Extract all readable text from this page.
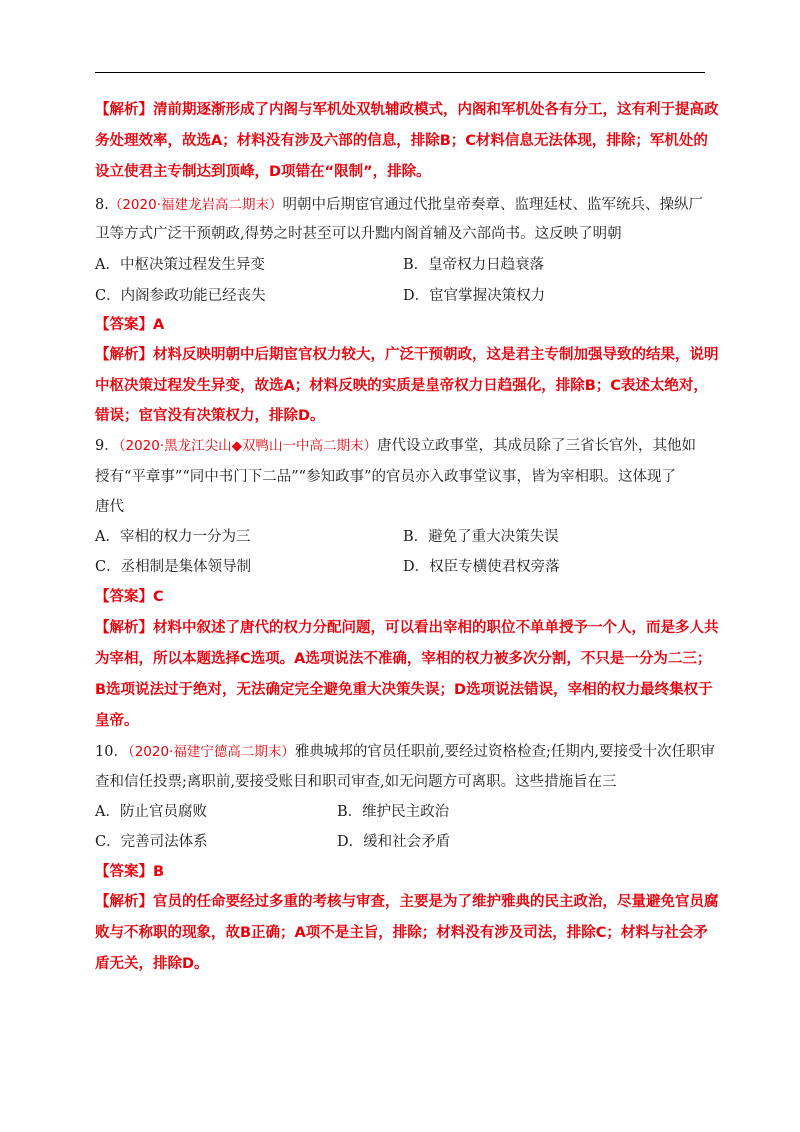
【解析】清前期逐渐形成了内阁与军机处双轨辅政模式，内阁和军机处各有分工，这有利于提高政
务处理效率，故选A；材料没有涉及六部的信息，排除B；C材料信息无法体现，排除；军机处的
设立使君主专制达到顶峰，D项错在“限制”，排除。
8.（2020·福建龙岩高二期末）明朝中后期宦官通过代批皇帝奏章、监理廷杖、监军统兵、操纵厂
卫等方式广泛干预朝政,得势之时甚至可以升黜内阁首辅及六部尚书。这反映了明朝
A．中枢决策过程发生异变	B．皇帝权力日趋衰落
C．内阁参政功能已经丧失	D．宦官掌握决策权力
【答案】A
【解析】材料反映明朝中后期宦官权力较大，广泛干预朝政，这是君主专制加强导致的结果，说明
中枢决策过程发生异变，故选A；材料反映的实质是皇帝权力日趋强化，排除B；C表述太绝对，
错误；宦官没有决策权力，排除D。
9．（2020·黑龙江尖山◆双鸭山一中高二期末）唐代设立政事堂，其成员除了三省长官外，其他如
授有“平章事”“同中书门下二品”“参知政事”的官员亦入政事堂议事，皆为宰相职。这体现了
唐代
A．宰相的权力一分为三	B．避免了重大决策失误
C．丞相制是集体领导制	D．权臣专横使君权旁落
【答案】C
【解析】材料中叙述了唐代的权力分配问题，可以看出宰相的职位不单单授予一个人，而是多人共
为宰相，所以本题选择C选项。A选项说法不准确，宰相的权力被多次分割，不只是一分为二三；
B选项说法过于绝对，无法确定完全避免重大决策失误；D选项说法错误，宰相的权力最终集权于
皇帝。
10．（2020·福建宁德高二期末）雅典城邦的官员任职前,要经过资格检查;任期内,要接受十次任职审
查和信任投票;离职前,要接受账目和职司审查,如无问题方可离职。这些措施旨在三
A．防止官员腐败	B．维护民主政治
C．完善司法体系	D．缓和社会矛盾
【答案】B
【解析】官员的任命要经过多重的考核与审查，主要是为了维护雅典的民主政治，尽量避免官员腐
败与不称职的现象，故B正确；A项不是主旨，排除；材料没有涉及司法，排除C；材料与社会矛
盾无关，排除D。
